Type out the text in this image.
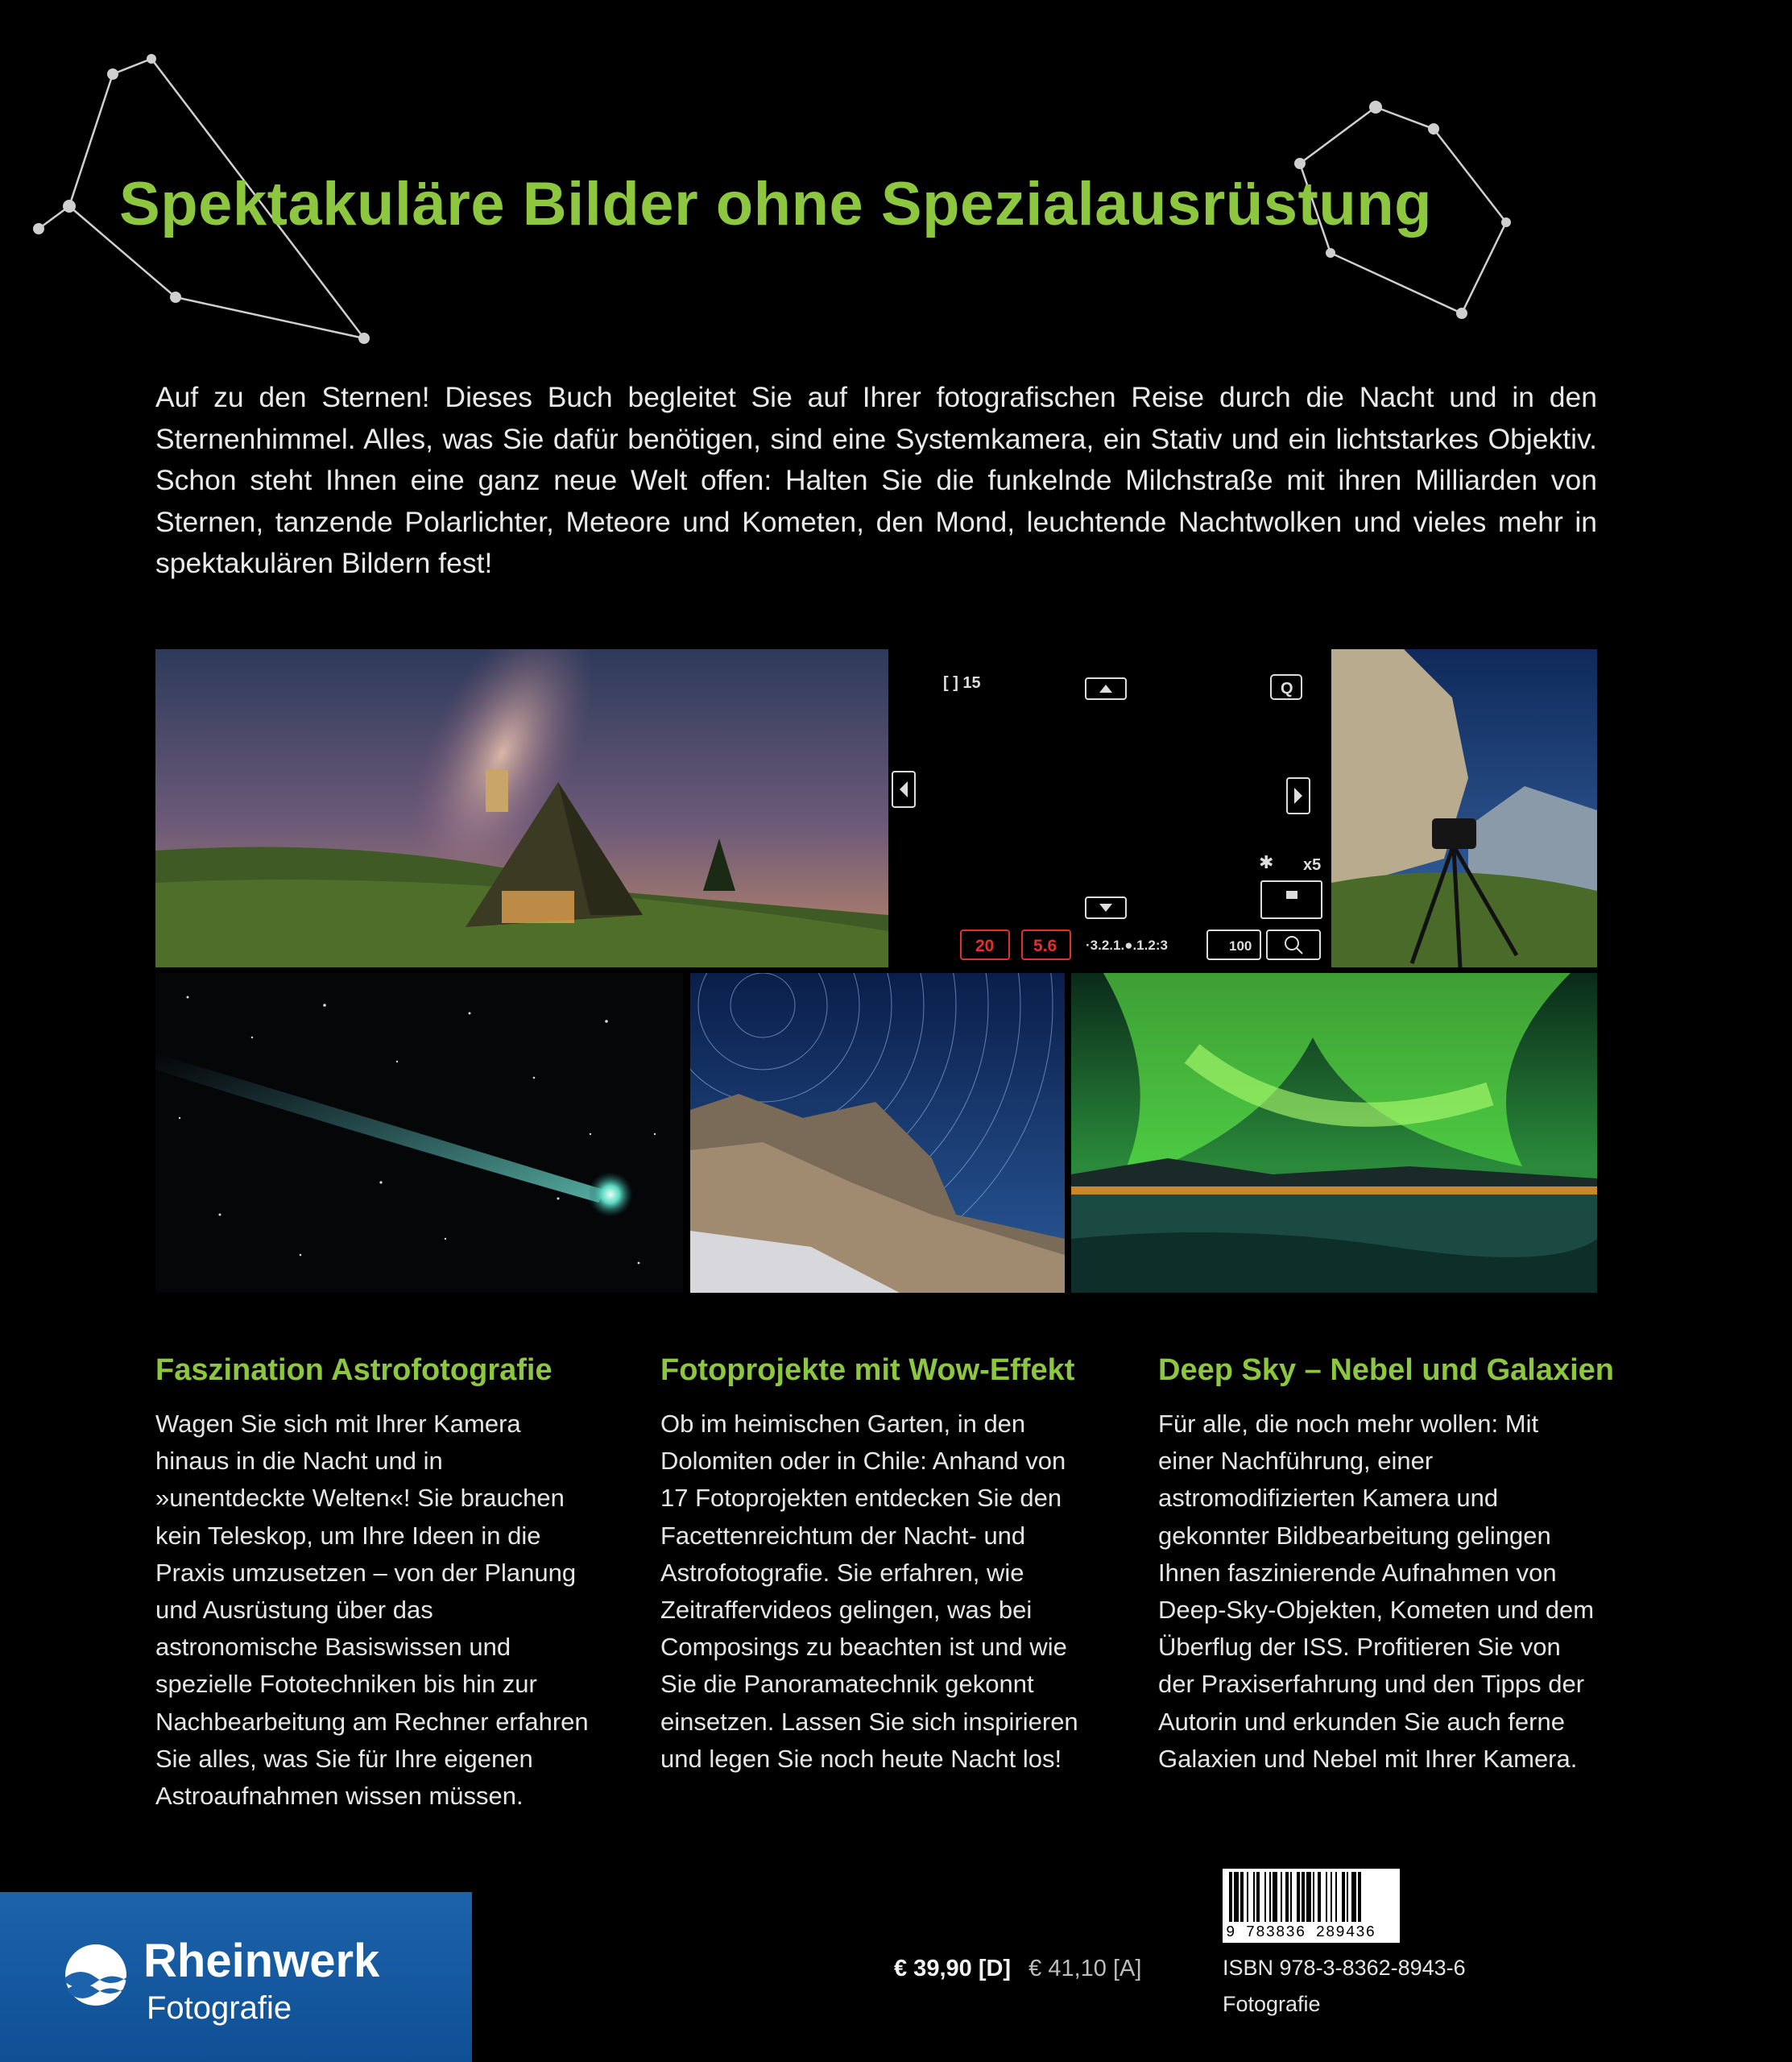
Spektakuläre Bilder ohne Spezialausrüstung

Auf zu den Sternen! Dieses Buch begleitet Sie auf Ihrer fotografischen Reise durch die Nacht und in den Sternenhimmel. Alles, was Sie dafür benötigen, sind eine Systemkamera, ein Stativ und ein lichtstarkes Objektiv. Schon steht Ihnen eine ganz neue Welt offen: Halten Sie die funkelnde Milchstraße mit ihren Milliarden von Sternen, tanzende Polarlichter, Meteore und Kometen, den Mond, leuchtende Nachtwolken und vieles mehr in spektakulären Bildern fest!

[ ] 15	Q
✱ x5
20 5.6 ·3.2.1.●.1.2:3	100
Faszination Astrofotografie

Wagen Sie sich mit Ihrer Kamera hinaus in die Nacht und in »unentdeckte Welten«! Sie brauchen kein Teleskop, um Ihre Ideen in die Praxis umzusetzen – von der Planung und Ausrüstung über das astronomische Basiswissen und spezielle Fototechniken bis hin zur Nachbearbeitung am Rechner erfahren Sie alles, was Sie für Ihre eigenen Astroaufnahmen wissen müssen.

Fotoprojekte mit Wow-Effekt

Ob im heimischen Garten, in den Dolomiten oder in Chile: Anhand von 17 Fotoprojekten entdecken Sie den Facettenreichtum der Nacht- und Astrofotografie. Sie erfahren, wie Zeitraffervideos gelingen, was bei Composings zu beachten ist und wie Sie die Panoramatechnik gekonnt einsetzen. Lassen Sie sich inspirieren und legen Sie noch heute Nacht los!

Deep Sky – Nebel und Galaxien

Für alle, die noch mehr wollen: Mit einer Nachführung, einer astromodifizierten Kamera und gekonnter Bildbearbeitung gelingen Ihnen faszinierende Aufnahmen von Deep-Sky-Objekten, Kometen und dem Überflug der ISS. Profitieren Sie von der Praxiserfahrung und den Tipps der Autorin und erkunden Sie auch ferne Galaxien und Nebel mit Ihrer Kamera.

Rheinwerk
Fotografie
€ 39,90 [D] € 41,10 [A]
9 783836 289436
ISBN 978-3-8362-8943-6
Fotografie
